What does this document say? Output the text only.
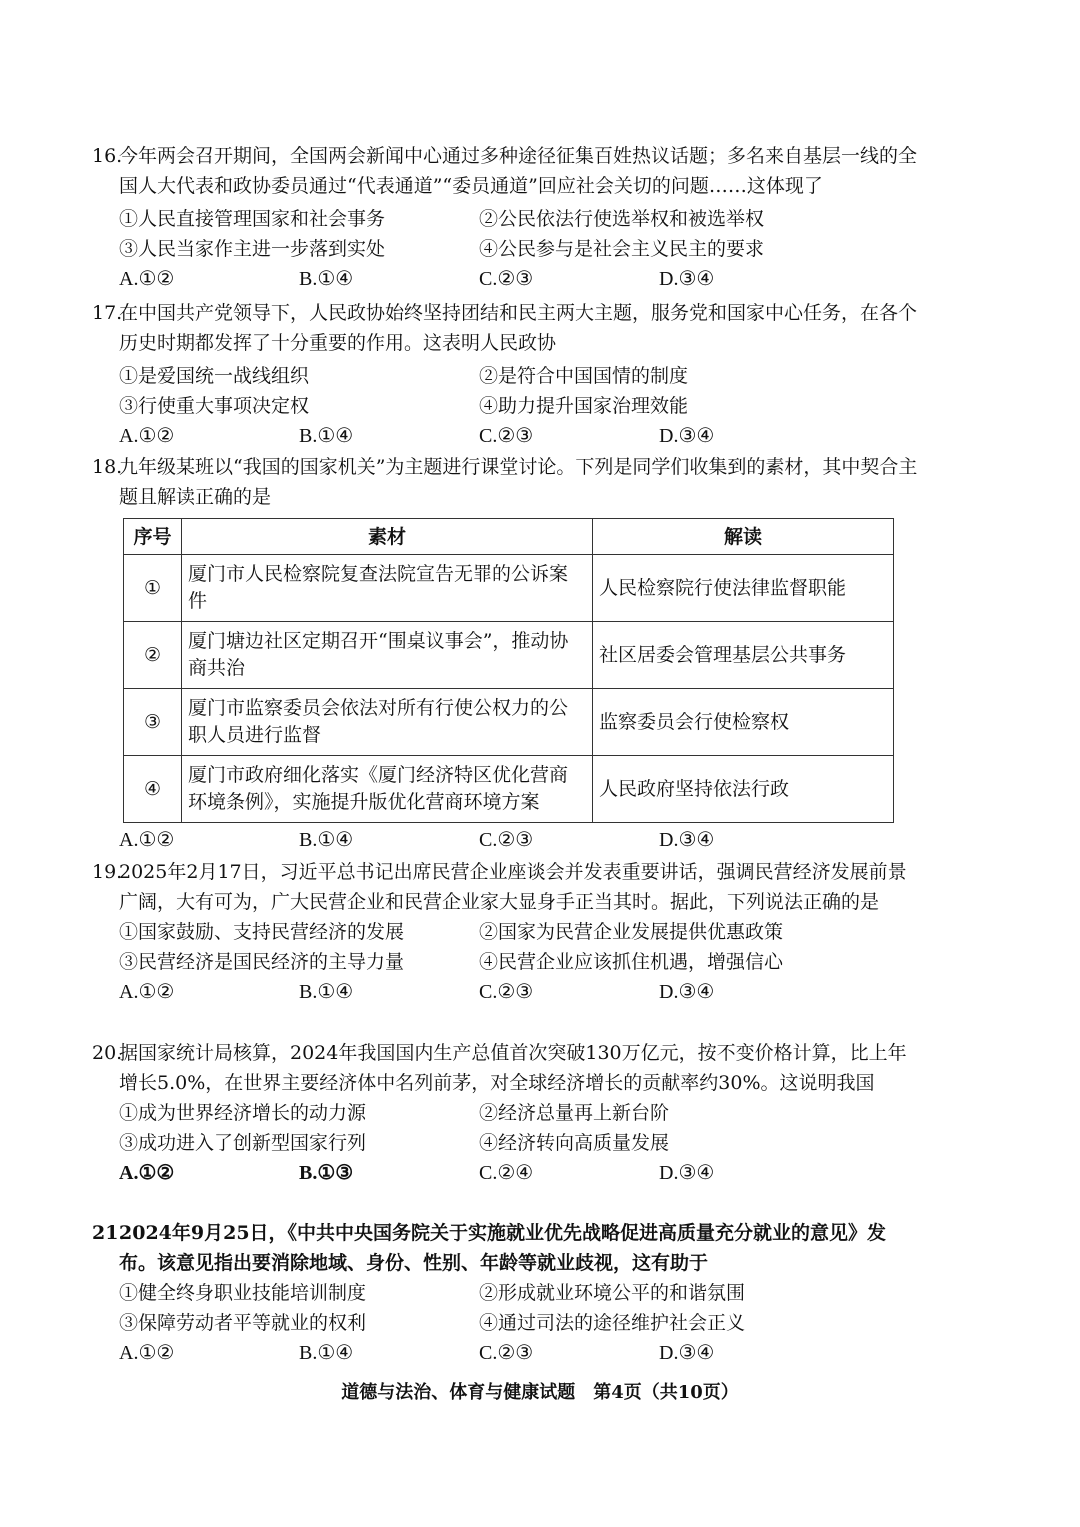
16.
今年两会召开期间，全国两会新闻中心通过多种途径征集百姓热议话题；多名来自基层一线的全国人大代表和政协委员通过“代表通道”“委员通道”回应社会关切的问题……这体现了
①人民直接管理国家和社会事务	②公民依法行使选举权和被选举权
③人民当家作主进一步落到实处	④公民参与是社会主义民主的要求
A.①②	B.①④	C.②③	D.③④
17.
在中国共产党领导下，人民政协始终坚持团结和民主两大主题，服务党和国家中心任务，在各个历史时期都发挥了十分重要的作用。这表明人民政协
①是爱国统一战线组织	②是符合中国国情的制度
③行使重大事项决定权	④助力提升国家治理效能
A.①②	B.①④	C.②③	D.③④
18.
九年级某班以“我国的国家机关”为主题进行课堂讨论。下列是同学们收集到的素材，其中契合主题且解读正确的是
序号	素材	解读
①	厦门市人民检察院复查法院宣告无罪的公诉案件	人民检察院行使法律监督职能
②	厦门塘边社区定期召开“围桌议事会”，推动协商共治	社区居委会管理基层公共事务
③	厦门市监察委员会依法对所有行使公权力的公职人员进行监督	监察委员会行使检察权
④	厦门市政府细化落实《厦门经济特区优化营商环境条例》，实施提升版优化营商环境方案	人民政府坚持依法行政
A.①②	B.①④	C.②③	D.③④
19.
2025年2月17日，习近平总书记出席民营企业座谈会并发表重要讲话，强调民营经济发展前景广阔，大有可为，广大民营企业和民营企业家大显身手正当其时。据此，下列说法正确的是
①国家鼓励、支持民营经济的发展	②国家为民营企业发展提供优惠政策
③民营经济是国民经济的主导力量	④民营企业应该抓住机遇，增强信心
A.①②	B.①④	C.②③	D.③④
20.
据国家统计局核算，2024年我国国内生产总值首次突破130万亿元，按不变价格计算，比上年增长5.0%，在世界主要经济体中名列前茅，对全球经济增长的贡献率约30%。这说明我国
①成为世界经济增长的动力源	②经济总量再上新台阶
③成功进入了创新型国家行列	④经济转向高质量发展
A.①②	B.①③	C.②④	D.③④
21.
2024年9月25日，《中共中央国务院关于实施就业优先战略促进高质量充分就业的意见》发布。该意见指出要消除地域、身份、性别、年龄等就业歧视，这有助于
①健全终身职业技能培训制度	②形成就业环境公平的和谐氛围
③保障劳动者平等就业的权利	④通过司法的途径维护社会正义
A.①②	B.①④	C.②③	D.③④
道德与法治、体育与健康试题　第4页（共10页）
